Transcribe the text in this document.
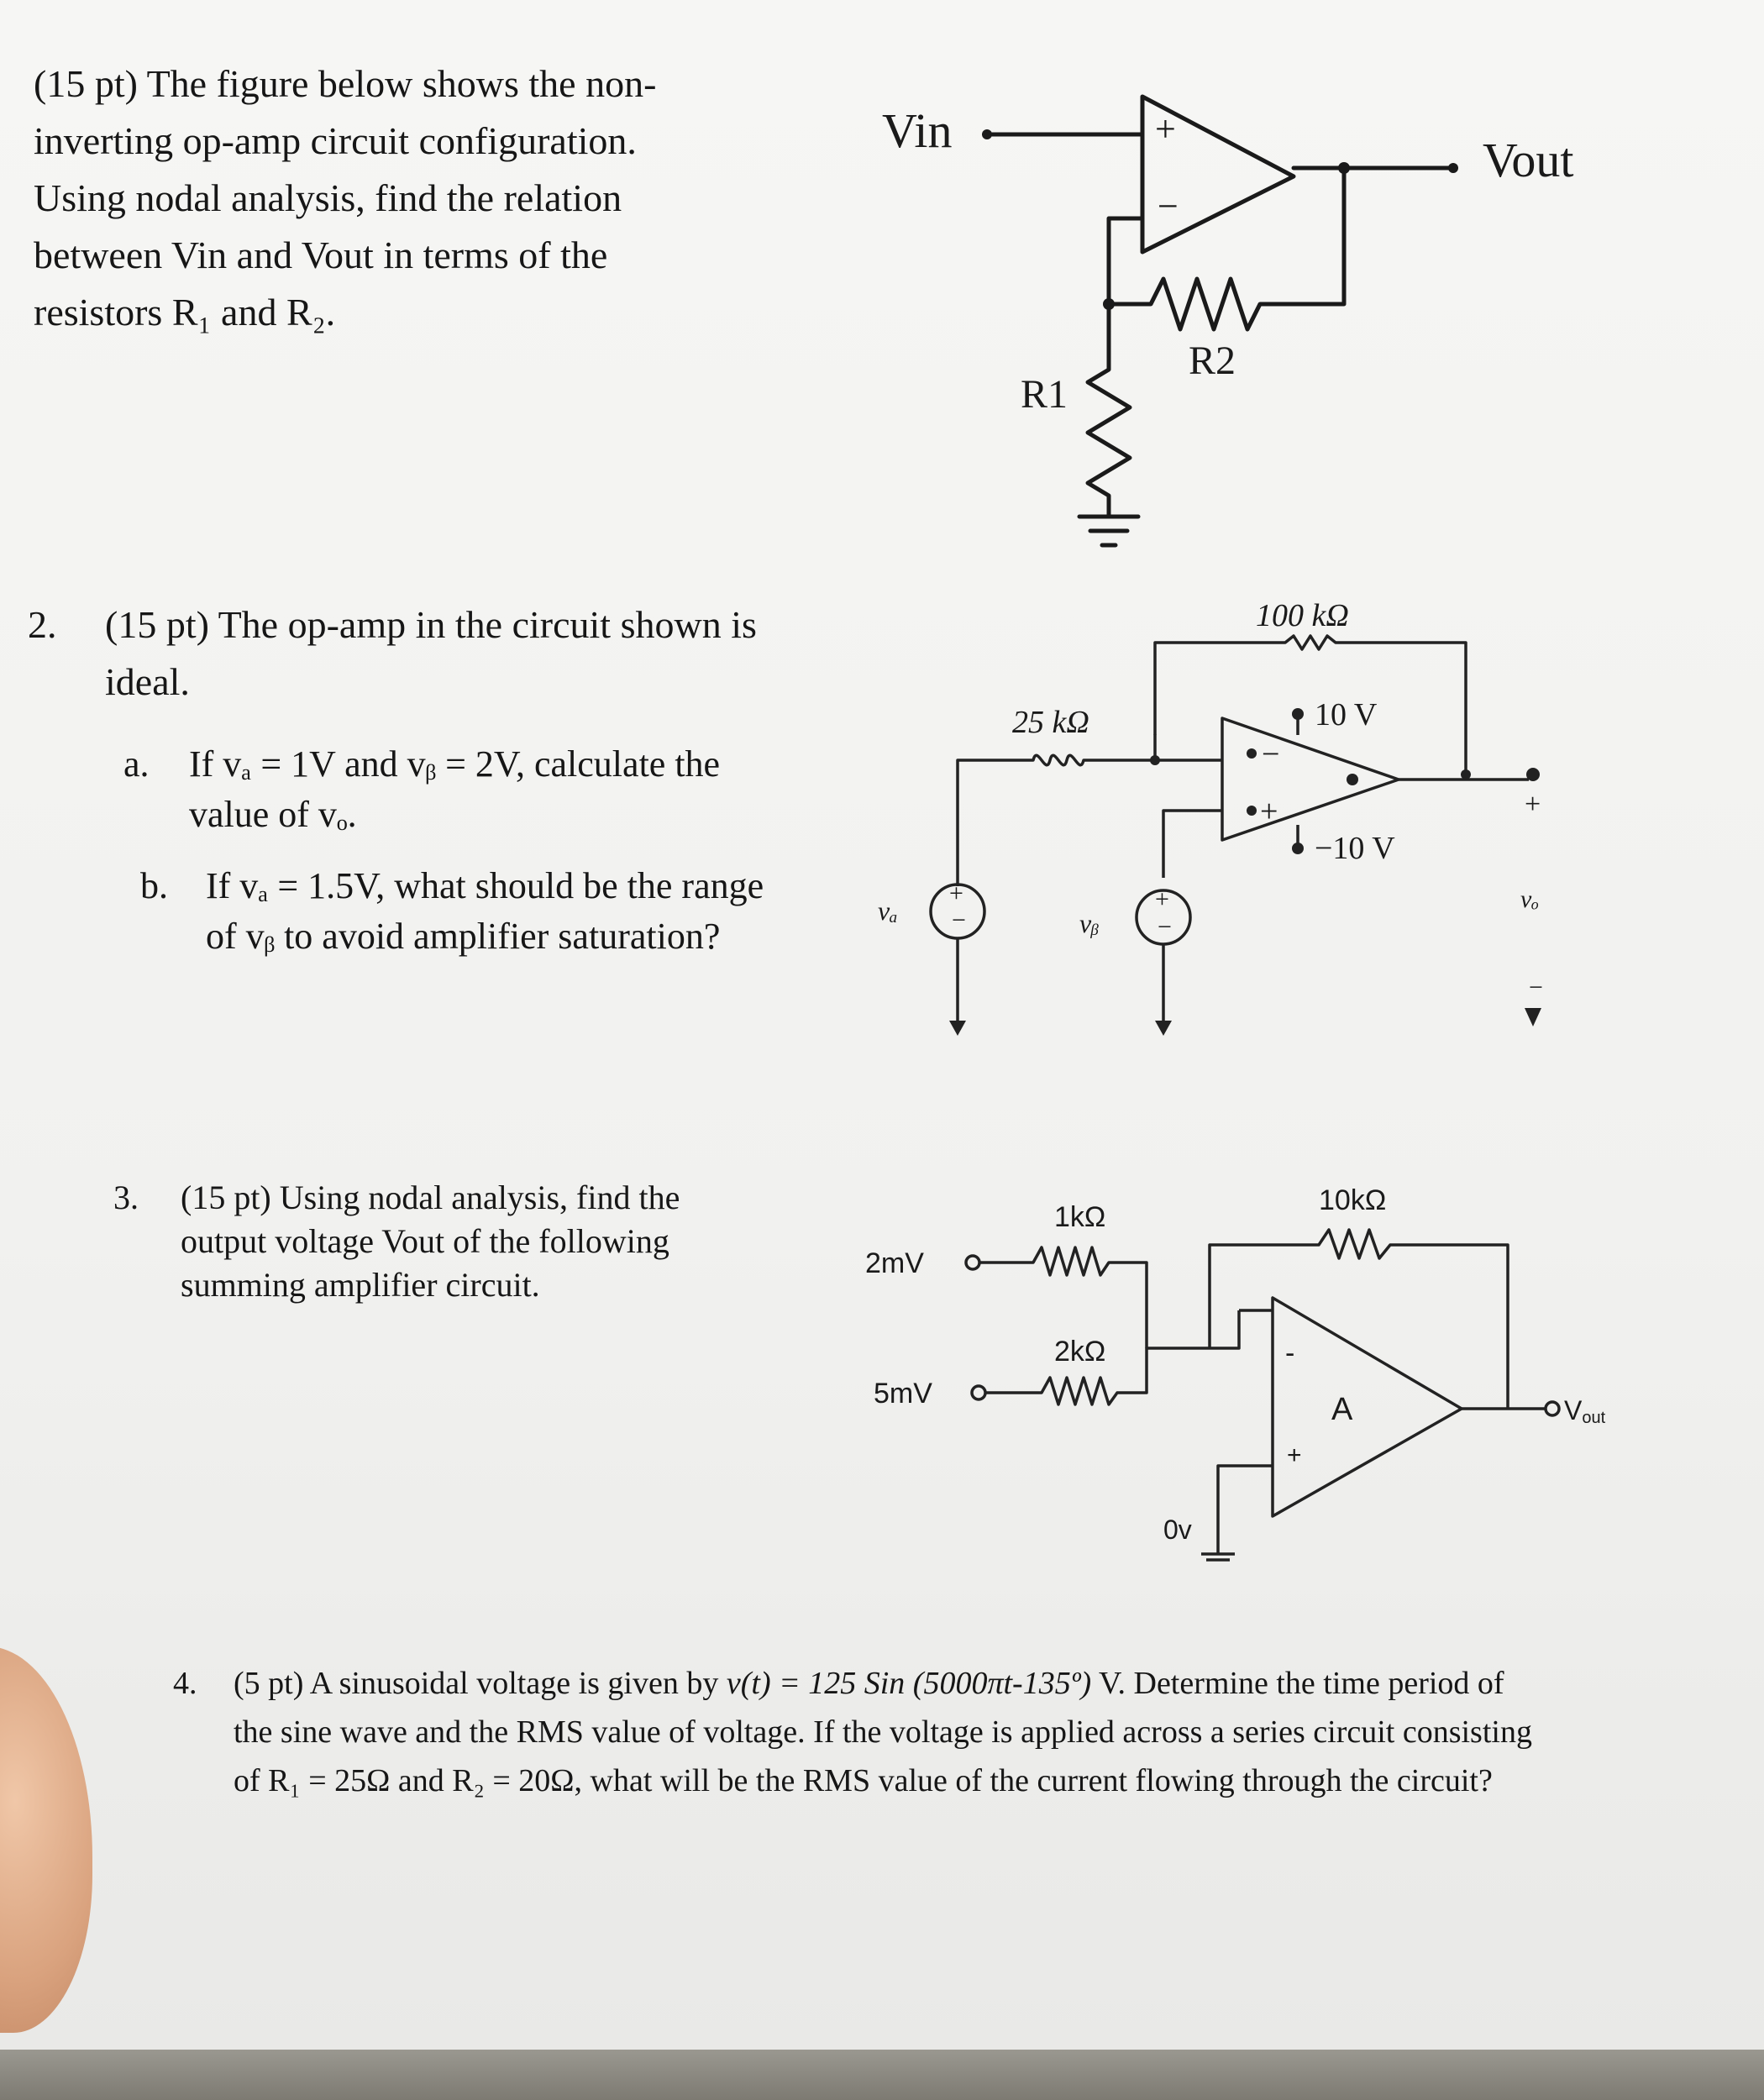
(15 pt) The figure below shows the non-
inverting op-amp circuit configuration.
Using nodal analysis, find the relation
between Vin and Vout in terms of the
resistors R₁ and R₂.
Vin	+
−
Vout
R2
R1
2. (15 pt) The op-amp in the circuit shown is
ideal.
a. If vₐ = 1V and vᵦ = 2V, calculate the
value of vₒ.
b. If vₐ = 1.5V, what should be the range
of vᵦ to avoid amplifier saturation?
100 kΩ
25 kΩ
−
+
10 V
−10 V
+
vₒ
−
+
−
vₐ	+
−
vᵦ
3. (15 pt) Using nodal analysis, find the
output voltage Vout of the following
summing amplifier circuit.
1kΩ
2mV
2kΩ
5mV
10kΩ
-
+
A	Vout
0v
4. (5 pt) A sinusoidal voltage is given by v(t) = 125 Sin (5000πt-135º) V. Determine the time period of
the sine wave and the RMS value of voltage. If the voltage is applied across a series circuit consisting
of R₁ = 25Ω and R₂ = 20Ω, what will be the RMS value of the current flowing through the circuit?
